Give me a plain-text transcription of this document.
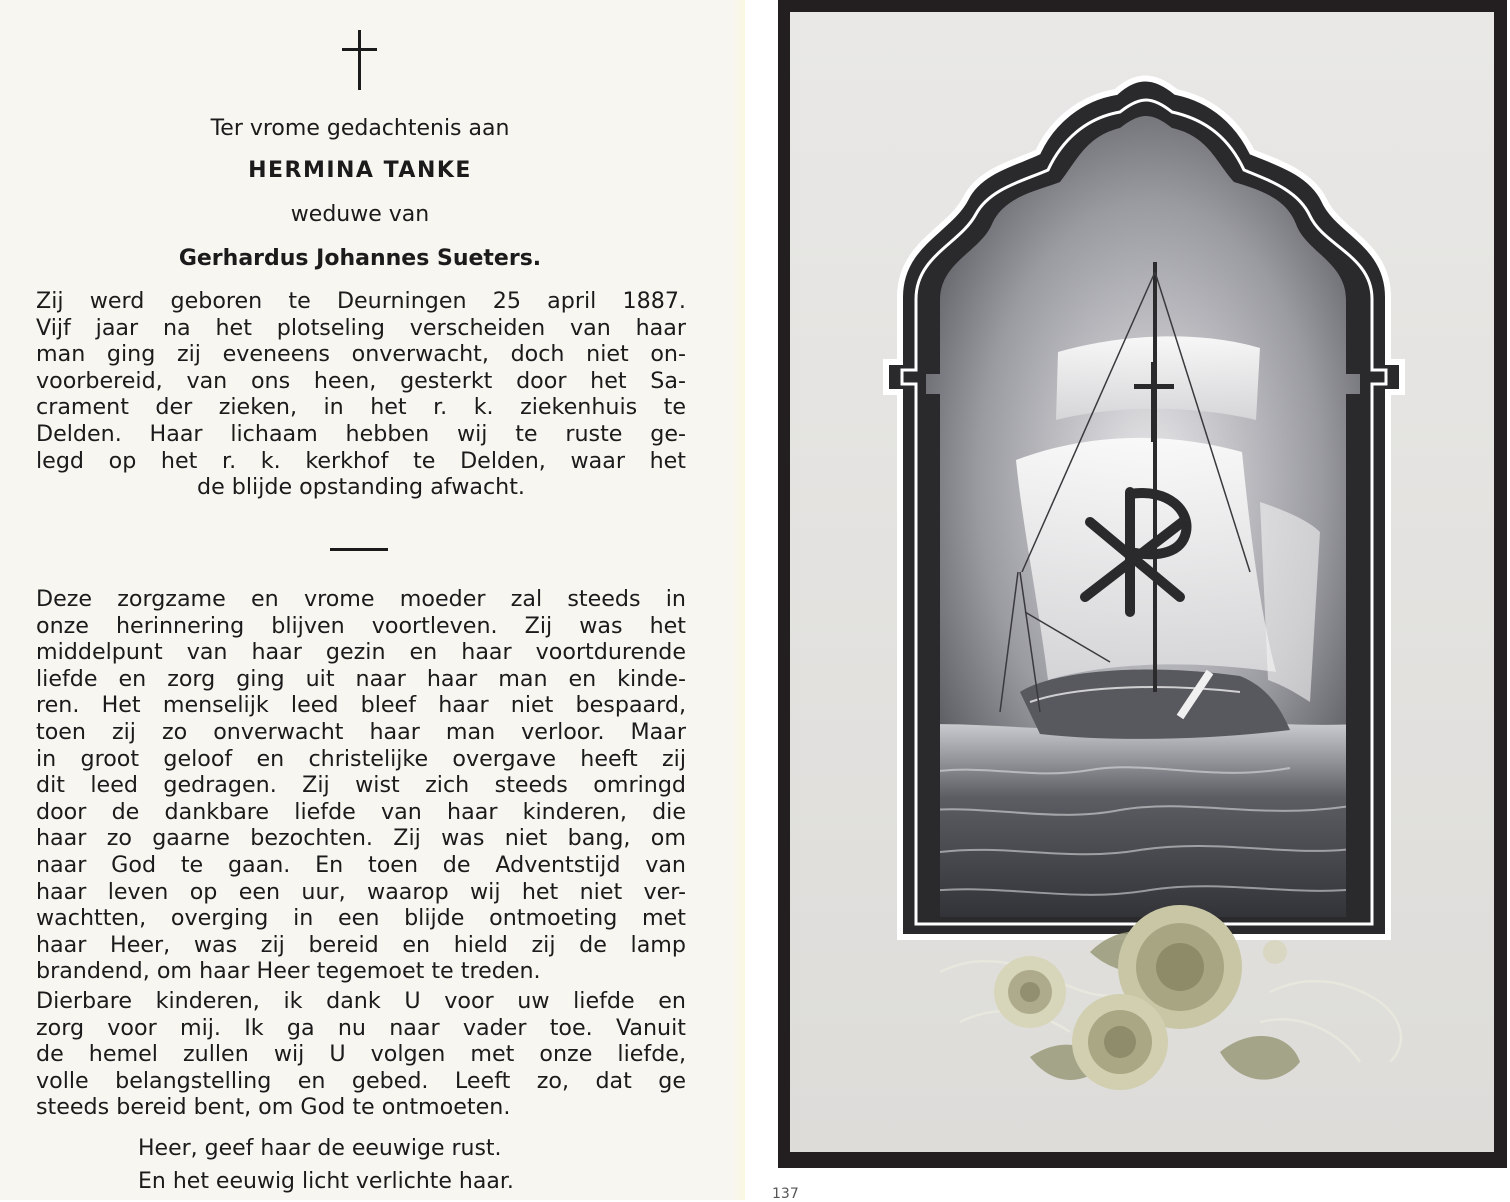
Ter vrome gedachtenis aan
HERMINA TANKE
weduwe van
Gerhardus Johannes Sueters.
Zij werd geboren te Deurningen 25 april 1887.
Vijf jaar na het plotseling verscheiden van haar
man ging zij eveneens onverwacht, doch niet on-
voorbereid, van ons heen, gesterkt door het Sa-
crament der zieken, in het r. k. ziekenhuis te
Delden. Haar lichaam hebben wij te ruste ge-
legd op het r. k. kerkhof te Delden, waar het
de blijde opstanding afwacht.
Deze zorgzame en vrome moeder zal steeds in
onze herinnering blijven voortleven. Zij was het
middelpunt van haar gezin en haar voortdurende
liefde en zorg ging uit naar haar man en kinde-
ren. Het menselijk leed bleef haar niet bespaard,
toen zij zo onverwacht haar man verloor. Maar
in groot geloof en christelijke overgave heeft zij
dit leed gedragen. Zij wist zich steeds omringd
door de dankbare liefde van haar kinderen, die
haar zo gaarne bezochten. Zij was niet bang, om
naar God te gaan. En toen de Adventstijd van
haar leven op een uur, waarop wij het niet ver-
wachtten, overging in een blijde ontmoeting met
haar Heer, was zij bereid en hield zij de lamp
brandend, om haar Heer tegemoet te treden.
Dierbare kinderen, ik dank U voor uw liefde en
zorg voor mij. Ik ga nu naar vader toe. Vanuit
de hemel zullen wij U volgen met onze liefde,
volle belangstelling en gebed. Leeft zo, dat ge
steeds bereid bent, om God te ontmoeten.
Heer, geef haar de eeuwige rust.
En het eeuwig licht verlichte haar.	137
